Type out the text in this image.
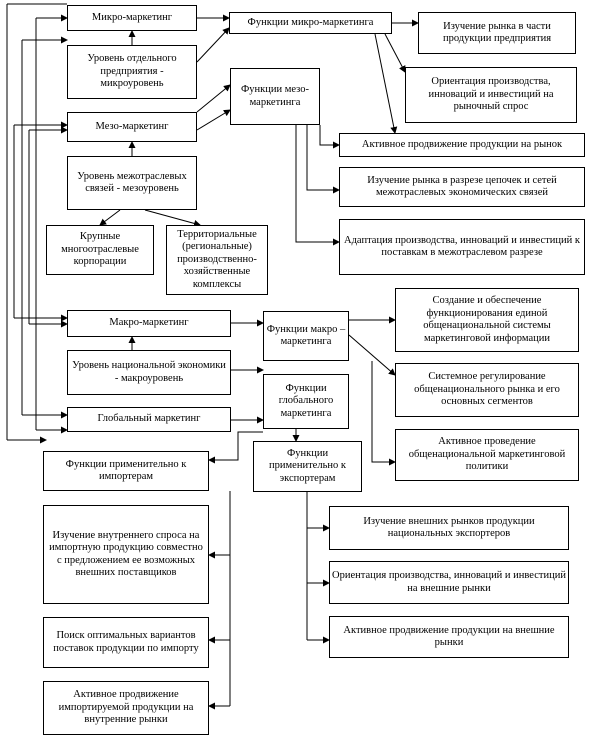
Микро-маркетинг
Уровень отдельного предприятия - микроуровень
Мезо-маркетинг
Уровень межотраслевых связей - мезоуровень
Крупные многоотраслевые корпорации
Территориальные (региональные) производственно-хозяйственные комплексы
Макро-маркетинг
Уровень национальной экономики - макроуровень
Глобальный маркетинг
Функции микро-маркетинга
Функции мезо-маркетинга
Функции макро – маркетинга
Функции глобального маркетинга
Функции применительно к импортерам
Функции применительно к экспортерам
Изучение рынка в части продукции предприятия
Ориентация производства, инноваций и инвестиций на рыночный спрос
Активное продвижение продукции на рынок
Изучение рынка в разрезе цепочек и сетей межотраслевых экономических связей
Адаптация производства, инноваций и инвестиций к поставкам в межотраслевом разрезе
Создание и обеспечение функционирования единой общенациональной системы маркетинговой информации
Системное регулирование общенационального рынка и его основных сегментов
Активное проведение общенациональной маркетинговой политики
Изучение внутреннего спроса на импортную продукцию совместно с предложением ее возможных внешних поставщиков
Поиск оптимальных вариантов поставок продукции по импорту
Активное продвижение импортируемой продукции на внутренние рынки
Изучение внешних рынков продукции национальных экспортеров
Ориентация производства, инноваций и инвестиций на внешние рынки
Активное продвижение продукции на внешние рынки
